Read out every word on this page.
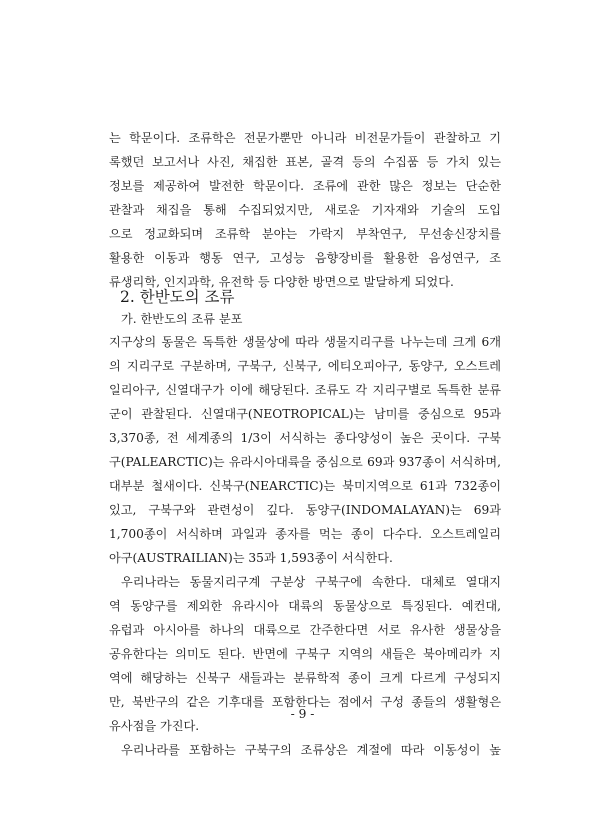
는 학문이다. 조류학은 전문가뿐만 아니라 비전문가들이 관찰하고 기
록했던 보고서나 사진, 채집한 표본, 골격 등의 수집품 등 가치 있는
정보를 제공하여 발전한 학문이다. 조류에 관한 많은 정보는 단순한
관찰과 채집을 통해 수집되었지만, 새로운 기자재와 기술의 도입
으로 정교화되며 조류학 분야는 가락지 부착연구, 무선송신장치를
활용한 이동과 행동 연구, 고성능 음향장비를 활용한 음성연구, 조
류생리학, 인지과학, 유전학 등 다양한 방면으로 발달하게 되었다.
2. 한반도의 조류
가. 한반도의 조류 분포
지구상의 동물은 독특한 생물상에 따라 생물지리구를 나누는데 크게 6개
의 지리구로 구분하며, 구북구, 신북구, 에티오피아구, 동양구, 오스트레
일리아구, 신열대구가 이에 해당된다. 조류도 각 지리구별로 독특한 분류
군이 관찰된다. 신열대구(NEOTROPICAL)는 남미를 중심으로 95과
3,370종, 전 세계종의 1/3이 서식하는 종다양성이 높은 곳이다. 구북
구(PALEARCTIC)는 유라시아대륙을 중심으로 69과 937종이 서식하며,
대부분 철새이다. 신북구(NEARCTIC)는 북미지역으로 61과 732종이
있고, 구북구와 관련성이 깊다. 동양구(INDOMALAYAN)는 69과
1,700종이 서식하며 과일과 종자를 먹는 종이 다수다. 오스트레일리
아구(AUSTRAILIAN)는 35과 1,593종이 서식한다.
우리나라는 동물지리구계 구분상 구북구에 속한다. 대체로 열대지
역 동양구를 제외한 유라시아 대륙의 동물상으로 특징된다. 예컨대,
유럽과 아시아를 하나의 대륙으로 간주한다면 서로 유사한 생물상을
공유한다는 의미도 된다. 반면에 구북구 지역의 새들은 북아메리카 지
역에 해당하는 신북구 새들과는 분류학적 종이 크게 다르게 구성되지
만, 북반구의 같은 기후대를 포함한다는 점에서 구성 종들의 생활형은
유사점을 가진다.
우리나라를 포함하는 구북구의 조류상은 계절에 따라 이동성이 높
- 9 -
